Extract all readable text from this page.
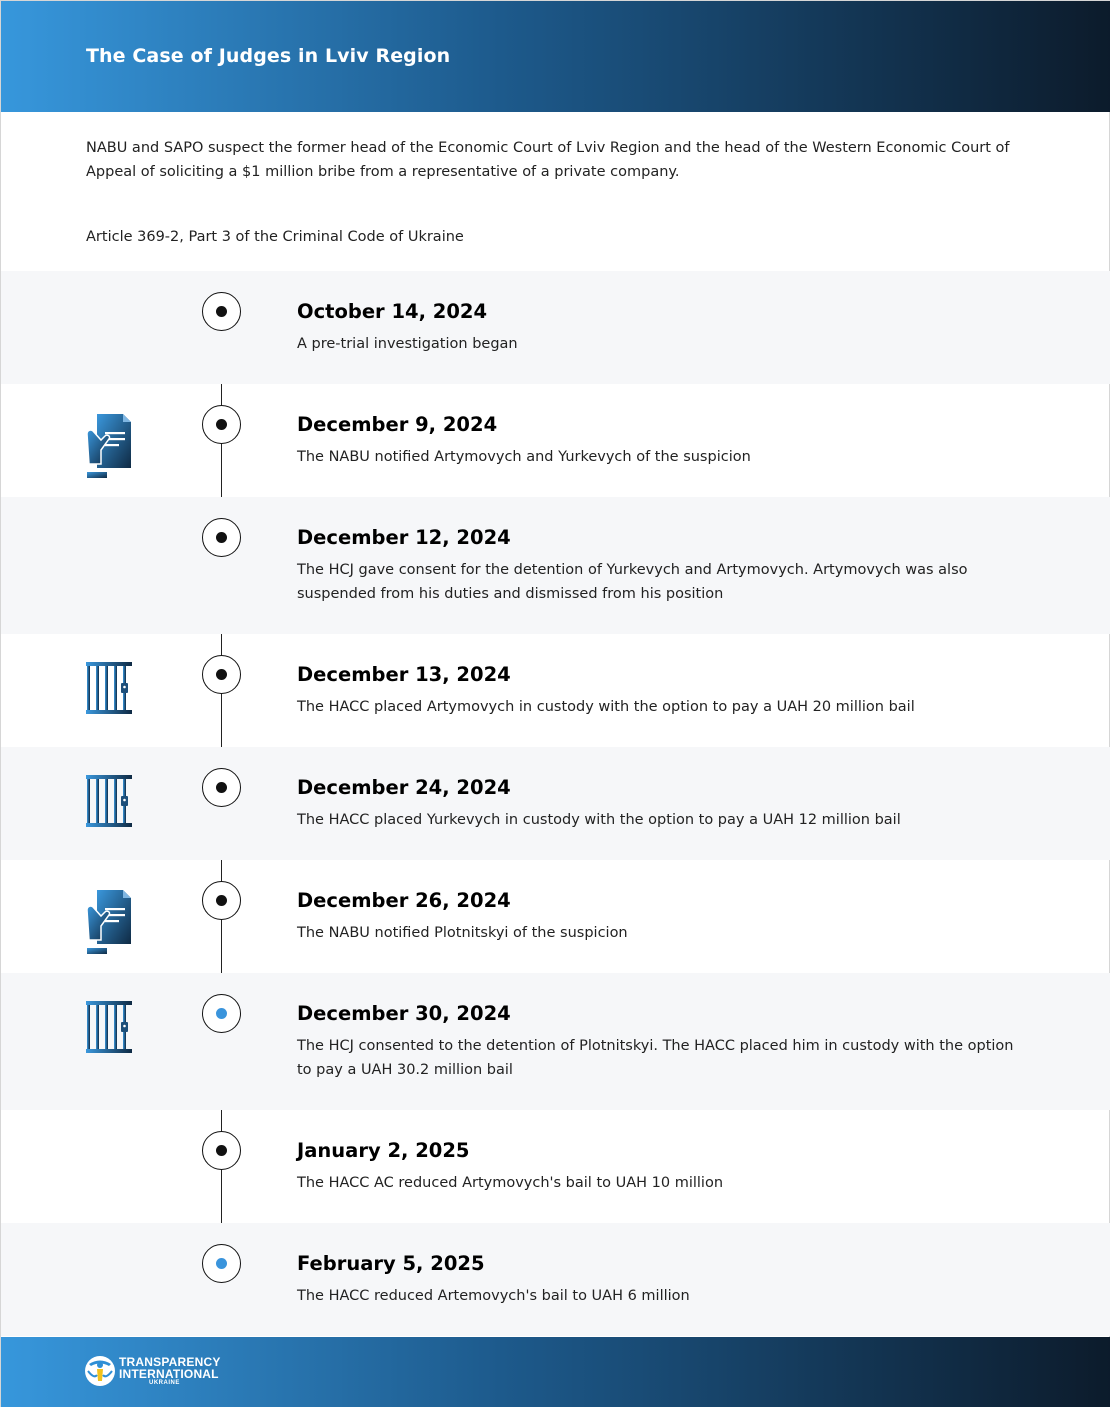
The Case of Judges in Lviv Region

NABU and SAPO suspect the former head of the Economic Court of Lviv Region and the head of the Western Economic Court of Appeal of soliciting a $1 million bribe from a representative of a private company.

Article 369-2, Part 3 of the Criminal Code of Ukraine

October 14, 2024
A pre-trial investigation began
December 9, 2024
The NABU notified Artymovych and Yurkevych of the suspicion
December 12, 2024
The HCJ gave consent for the detention of Yurkevych and Artymovych. Artymovych was also suspended from his duties and dismissed from his position
December 13, 2024
The HACC placed Artymovych in custody with the option to pay a UAH 20 million bail
December 24, 2024
The HACC placed Yurkevych in custody with the option to pay a UAH 12 million bail
December 26, 2024
The NABU notified Plotnitskyi of the suspicion
December 30, 2024
The HCJ consented to the detention of Plotnitskyi. The HACC placed him in custody with the option to pay a UAH 30.2 million bail
January 2, 2025
The HACC AC reduced Artymovych's bail to UAH 10 million
February 5, 2025
The HACC reduced Artemovych's bail to UAH 6 million
TRANSPARENCY
INTERNATIONAL
UKRAINE
